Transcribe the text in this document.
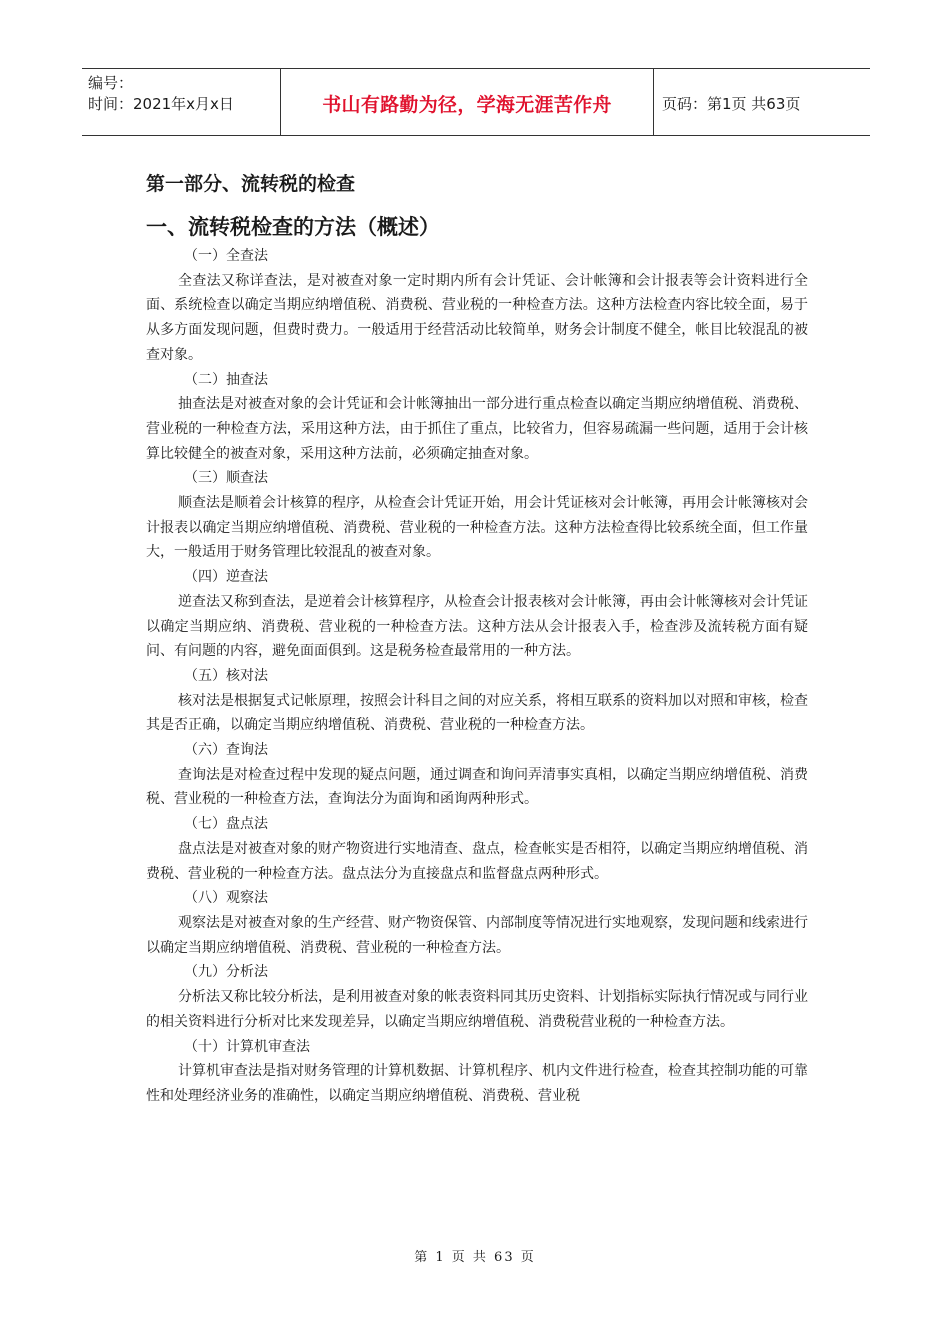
编号：
时间：2021年x月x日	书山有路勤为径，学海无涯苦作舟	页码：第1页 共63页
第一部分、流转税的检查
一、流转税检查的方法（概述）

（一）全查法

全查法又称详查法，是对被查对象一定时期内所有会计凭证、会计帐簿和会计报表等会计资料进行全面、系统检查以确定当期应纳增值税、消费税、营业税的一种检查方法。这种方法检查内容比较全面，易于从多方面发现问题，但费时费力。一般适用于经营活动比较简单，财务会计制度不健全，帐目比较混乱的被查对象。

（二）抽查法

抽查法是对被查对象的会计凭证和会计帐簿抽出一部分进行重点检查以确定当期应纳增值税、消费税、营业税的一种检查方法，采用这种方法，由于抓住了重点，比较省力，但容易疏漏一些问题，适用于会计核算比较健全的被查对象，采用这种方法前，必须确定抽查对象。

（三）顺查法

顺查法是顺着会计核算的程序，从检查会计凭证开始，用会计凭证核对会计帐簿，再用会计帐簿核对会计报表以确定当期应纳增值税、消费税、营业税的一种检查方法。这种方法检查得比较系统全面，但工作量大，一般适用于财务管理比较混乱的被查对象。

（四）逆查法

逆查法又称到查法，是逆着会计核算程序，从检查会计报表核对会计帐簿，再由会计帐簿核对会计凭证以确定当期应纳、消费税、营业税的一种检查方法。这种方法从会计报表入手，检查涉及流转税方面有疑问、有问题的内容，避免面面俱到。这是税务检查最常用的一种方法。

（五）核对法

核对法是根据复式记帐原理，按照会计科目之间的对应关系，将相互联系的资料加以对照和审核，检查其是否正确，以确定当期应纳增值税、消费税、营业税的一种检查方法。

（六）查询法

查询法是对检查过程中发现的疑点问题，通过调查和询问弄清事实真相，以确定当期应纳增值税、消费税、营业税的一种检查方法，查询法分为面询和函询两种形式。

（七）盘点法

盘点法是对被查对象的财产物资进行实地清查、盘点，检查帐实是否相符，以确定当期应纳增值税、消费税、营业税的一种检查方法。盘点法分为直接盘点和监督盘点两种形式。

（八）观察法

观察法是对被查对象的生产经营、财产物资保管、内部制度等情况进行实地观察，发现问题和线索进行以确定当期应纳增值税、消费税、营业税的一种检查方法。

（九）分析法

分析法又称比较分析法，是利用被查对象的帐表资料同其历史资料、计划指标实际执行情况或与同行业的相关资料进行分析对比来发现差异，以确定当期应纳增值税、消费税营业税的一种检查方法。

（十）计算机审查法

计算机审查法是指对财务管理的计算机数据、计算机程序、机内文件进行检查，检查其控制功能的可靠性和处理经济业务的准确性，以确定当期应纳增值税、消费税、营业税

第 1 页 共 63 页
